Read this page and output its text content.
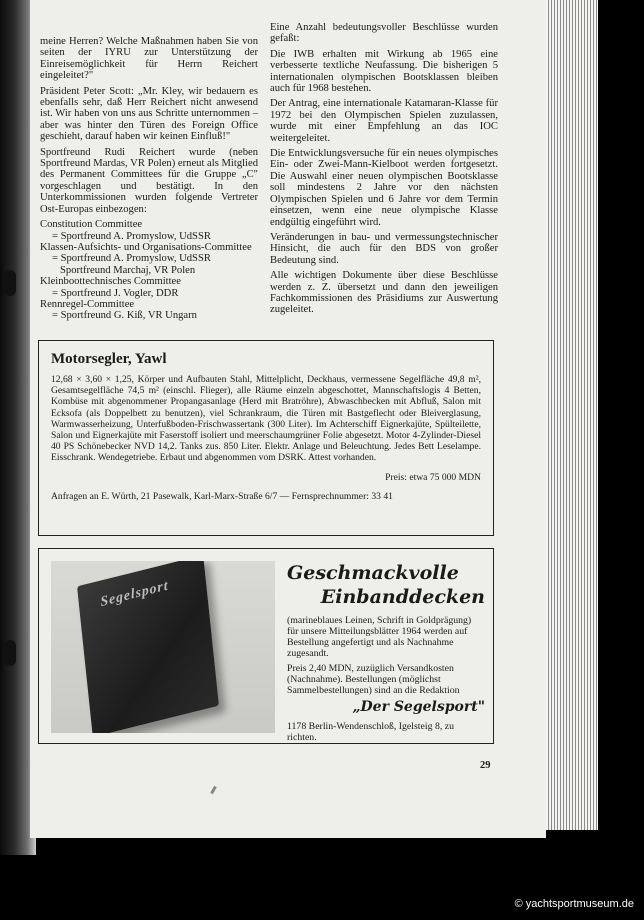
meine Herren? Welche Maßnahmen haben Sie von seiten der IYRU zur Unterstützung der Einreisemöglichkeit für Herrn Reichert eingeleitet?"

Präsident Peter Scott: „Mr. Kley, wir bedauern es ebenfalls sehr, daß Herr Reichert nicht anwesend ist. Wir haben von uns aus Schritte unternommen – aber was hinter den Türen des Foreign Office geschieht, darauf haben wir keinen Einfluß!"

Sportfreund Rudi Reichert wurde (neben Sportfreund Mardas, VR Polen) erneut als Mitglied des Permanent Committees für die Gruppe „C" vorgeschlagen und bestätigt. In den Unterkommissionen wurden folgende Vertreter Ost-Europas einbezogen:

Constitution Committee
= Sportfreund A. Promyslow, UdSSR
Klassen-Aufsichts- und Organisations-Committee
= Sportfreund A. Promyslow, UdSSR
Sportfreund Marchaj, VR Polen
Kleinboottechnisches Committee
= Sportfreund J. Vogler, DDR
Rennregel-Committee
= Sportfreund G. Kiß, VR Ungarn

Eine Anzahl bedeutungsvoller Beschlüsse wurden gefaßt:

Die IWB erhalten mit Wirkung ab 1965 eine verbesserte textliche Neufassung. Die bisherigen 5 internationalen olympischen Bootsklassen bleiben auch für 1968 bestehen.

Der Antrag, eine internationale Katamaran-Klasse für 1972 bei den Olympischen Spielen zuzulassen, wurde mit einer Empfehlung an das IOC weitergeleitet.

Die Entwicklungsversuche für ein neues olympisches Ein- oder Zwei-Mann-Kielboot werden fortgesetzt. Die Auswahl einer neuen olympischen Bootsklasse soll mindestens 2 Jahre vor den nächsten Olympischen Spielen und 6 Jahre vor dem Termin einsetzen, wenn eine neue olympische Klasse endgültig eingeführt wird.

Veränderungen in bau- und vermessungstechnischer Hinsicht, die auch für den BDS von großer Bedeutung sind.

Alle wichtigen Dokumente über diese Beschlüsse werden z. Z. übersetzt und dann den jeweiligen Fachkommissionen des Präsidiums zur Auswertung zugeleitet.

Motorsegler, Yawl
12,68 × 3,60 × 1,25, Körper und Aufbauten Stahl, Mittelplicht, Deckhaus, vermessene Segelfläche 49,8 m², Gesamtsegelfläche 74,5 m² (einschl. Flieger), alle Räume einzeln abgeschottet, Mannschaftslogis 4 Betten, Kombüse mit abgenommener Propangasanlage (Herd mit Bratröhre), Abwaschbecken mit Abfluß, Salon mit Ecksofa (als Doppelbett zu benutzen), viel Schrankraum, die Türen mit Bastgeflecht oder Bleiverglasung, Warmwasserheizung, Unterfußboden-Frischwassertank (300 Liter). Im Achterschiff Eignerkajüte, Spülteilette, Salon und Eignerkajüte mit Faserstoff isoliert und meerschaumgrüner Folie abgesetzt. Motor 4-Zylinder-Diesel 40 PS Schönebecker NVD 14,2. Tanks zus. 850 Liter. Elektr. Anlage und Beleuchtung. Jedes Bett Leselampe. Eisschrank. Wendegetriebe. Erbaut und abgenommen vom DSRK. Attest vorhanden.
Preis: etwa 75 000 MDN
Anfragen an E. Würth, 21 Pasewalk, Karl-Marx-Straße 6/7 — Fernsprechnummer: 33 41
Segelsport
Geschmackvolle
Einbanddecken

(marineblaues Leinen, Schrift in Goldprägung) für unsere Mitteilungsblätter 1964 werden auf Bestellung angefertigt und als Nachnahme zugesandt.

Preis 2,40 MDN, zuzüglich Versandkosten (Nachnahme). Bestellungen (möglichst Sammelbestellungen) sind an die Redaktion

„Der Segelsport"
1178 Berlin-Wendenschloß, Igelsteig 8, zu richten.
29
© yachtsportmuseum.de
